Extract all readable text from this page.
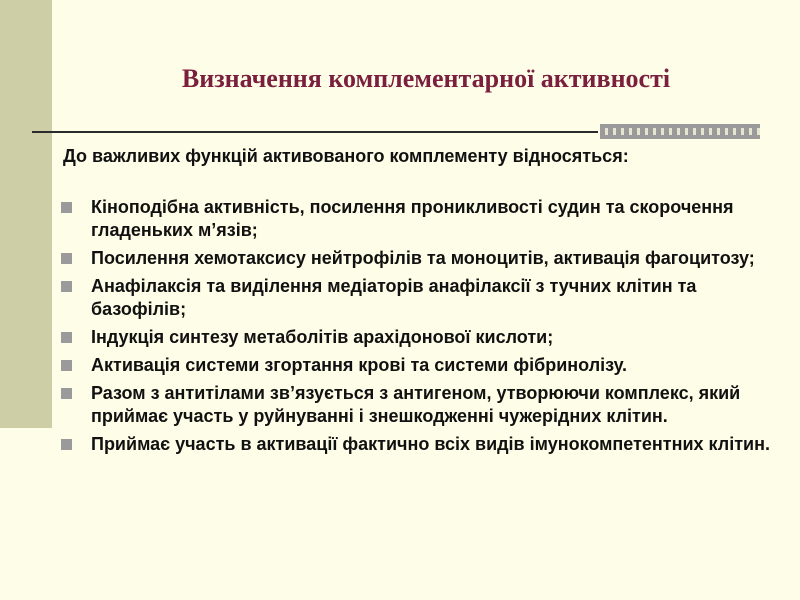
Визначення комплементарної активності

До важливих функцій активованого комплементу відносяться:

Кіноподібна активність, посилення проникливості судин та скорочення гладеньких м’язів;
Посилення хемотаксису нейтрофілів та моноцитів, активація фагоцитозу;
Анафілаксія та виділення медіаторів анафілаксії з тучних клітин та базофілів;
Індукція синтезу метаболітів арахідонової кислоти;
Активація системи згортання крові та системи фібринолізу.
Разом з антитілами зв’язується з антигеном, утворюючи комплекс, який приймає участь у руйнуванні і знешкодженні чужерідних клітин.
Приймає участь в активації фактично всіх видів імунокомпетентних клітин.
